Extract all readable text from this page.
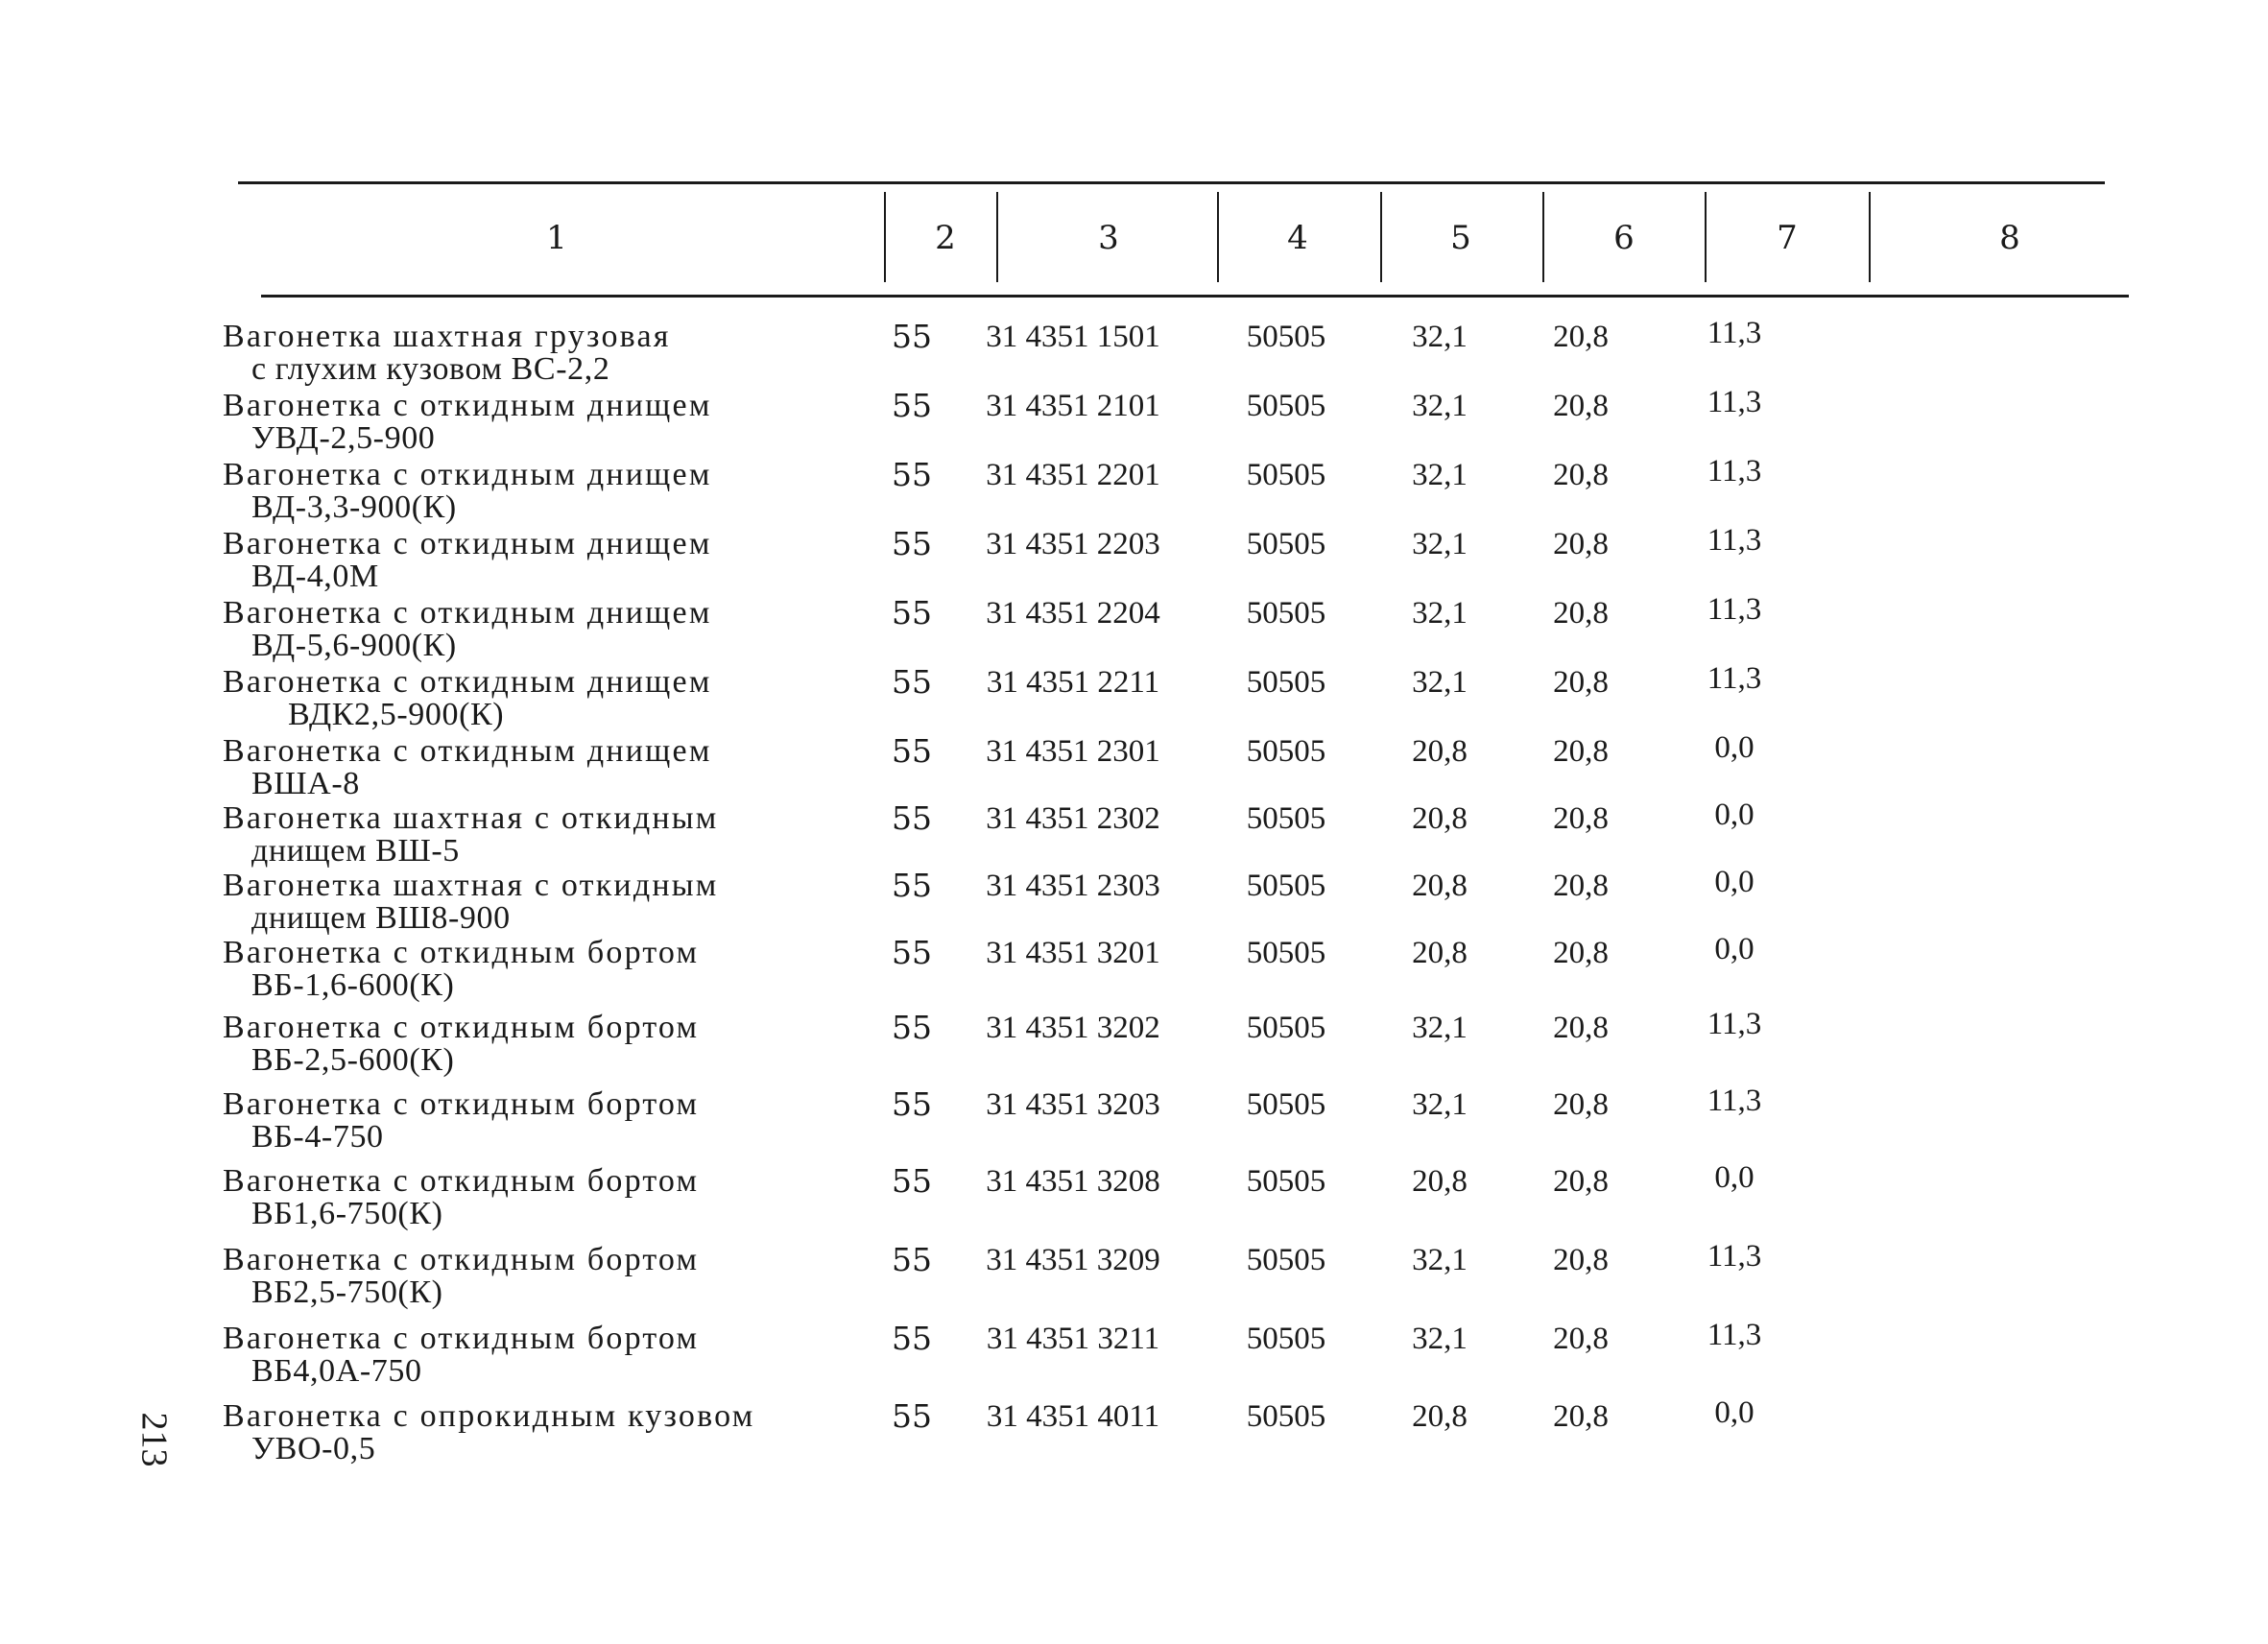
1	2	3	4	5	6	7	8
Вагонетка шахтная грузовая
с глухим кузовом ВС-2,2
55	31 4351 1501	50505	32,1	20,8	11,3
Вагонетка с откидным днищем
УВД-2,5-900
55	31 4351 2101	50505	32,1	20,8	11,3
Вагонетка с откидным днищем
ВД-3,3-900(К)
55	31 4351 2201	50505	32,1	20,8	11,3
Вагонетка с откидным днищем
ВД-4,0М
55	31 4351 2203	50505	32,1	20,8	11,3
Вагонетка с откидным днищем
ВД-5,6-900(К)
55	31 4351 2204	50505	32,1	20,8	11,3
Вагонетка с откидным днищем
ВДК2,5-900(К)
55	31 4351 2211	50505	32,1	20,8	11,3
Вагонетка с откидным днищем
ВША-8
55	31 4351 2301	50505	20,8	20,8	0,0
Вагонетка шахтная с откидным
днищем ВШ-5
55	31 4351 2302	50505	20,8	20,8	0,0
Вагонетка шахтная с откидным
днищем ВШ8-900
55	31 4351 2303	50505	20,8	20,8	0,0
Вагонетка с откидным бортом
ВБ-1,6-600(К)
55	31 4351 3201	50505	20,8	20,8	0,0
Вагонетка с откидным бортом
ВБ-2,5-600(К)
55	31 4351 3202	50505	32,1	20,8	11,3
Вагонетка с откидным бортом
ВБ-4-750
55	31 4351 3203	50505	32,1	20,8	11,3
Вагонетка с откидным бортом
ВБ1,6-750(К)
55	31 4351 3208	50505	20,8	20,8	0,0
Вагонетка с откидным бортом
ВБ2,5-750(К)
55	31 4351 3209	50505	32,1	20,8	11,3
Вагонетка с откидным бортом
ВБ4,0А-750
55	31 4351 3211	50505	32,1	20,8	11,3
Вагонетка с опрокидным кузовом
УВО-0,5
55	31 4351 4011	50505	20,8	20,8	0,0
213
